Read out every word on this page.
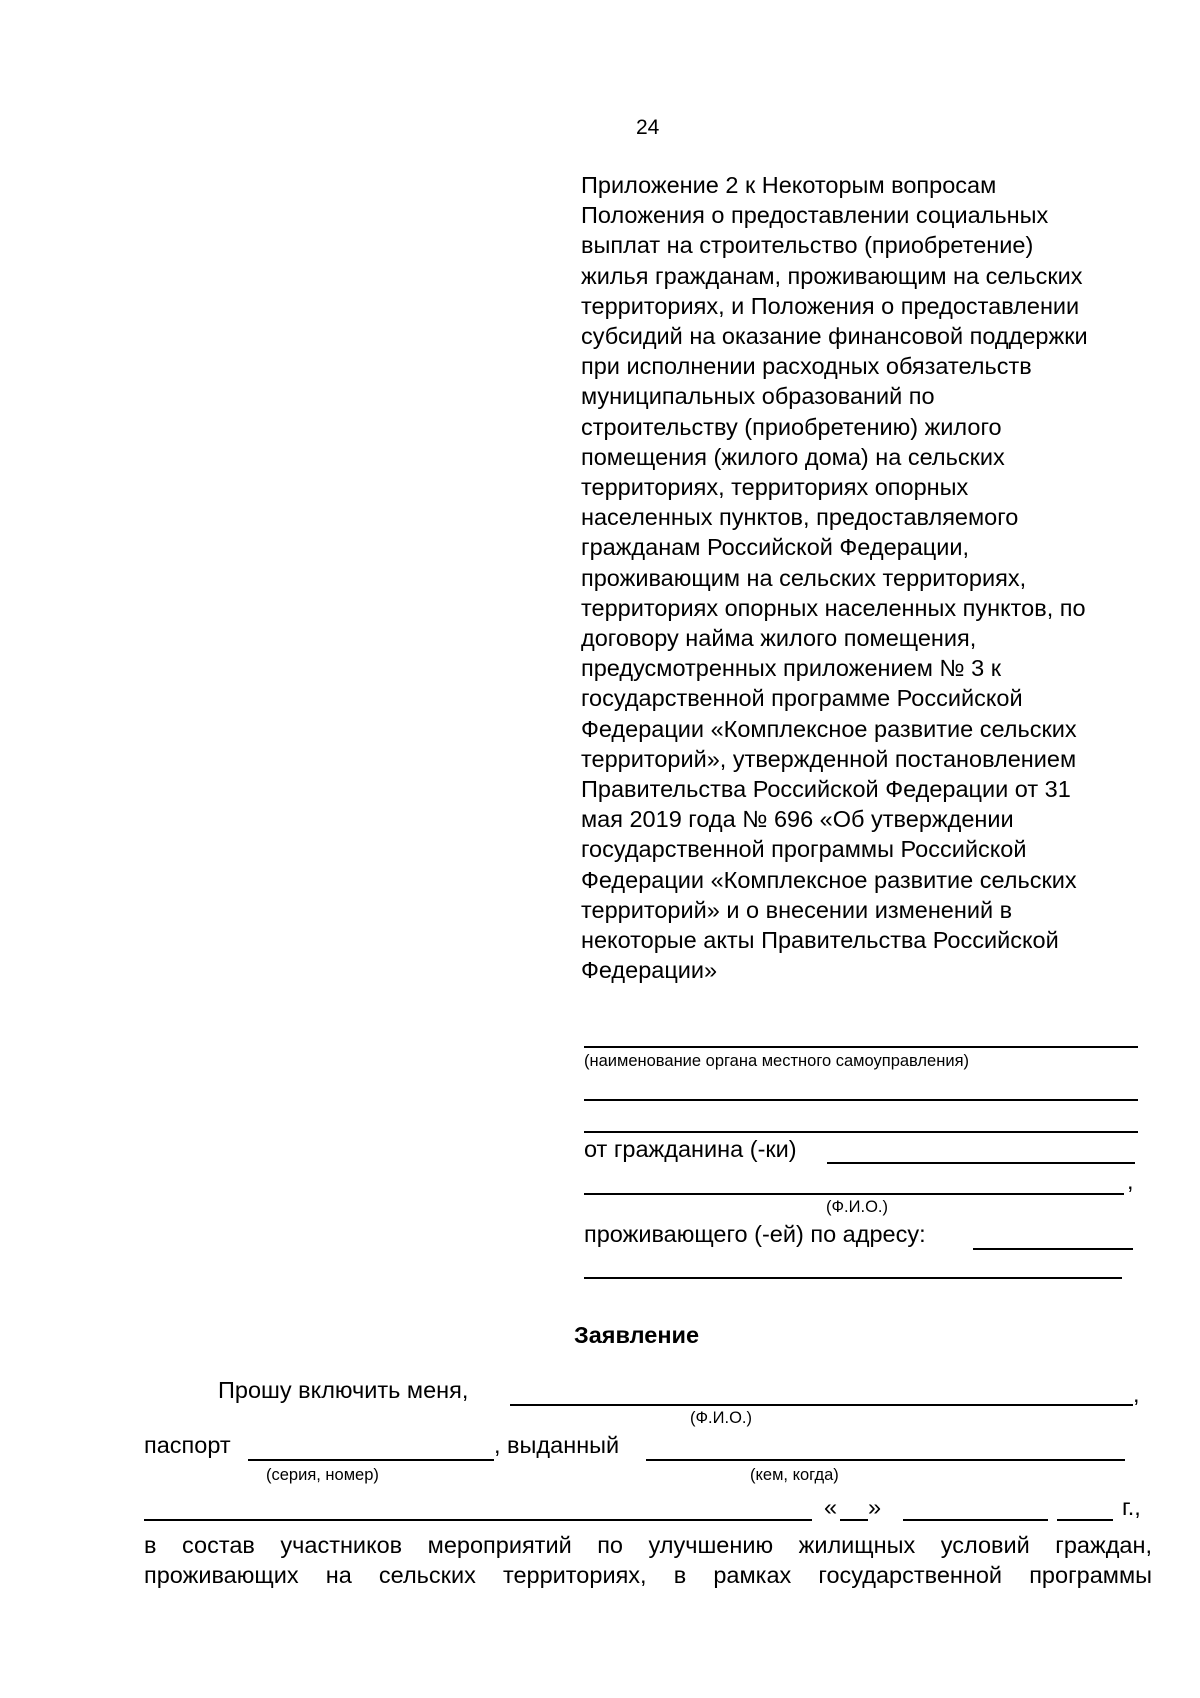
24
Приложение 2 к Некоторым вопросам
Положения о предоставлении социальных
выплат на строительство (приобретение)
жилья гражданам, проживающим на сельских
территориях, и Положения о предоставлении
субсидий на оказание финансовой поддержки
при исполнении расходных обязательств
муниципальных образований по
строительству (приобретению) жилого
помещения (жилого дома) на сельских
территориях, территориях опорных
населенных пунктов, предоставляемого
гражданам Российской Федерации,
проживающим на сельских территориях,
территориях опорных населенных пунктов, по
договору найма жилого помещения,
предусмотренных приложением № 3 к
государственной программе Российской
Федерации «Комплексное развитие сельских
территорий», утвержденной постановлением
Правительства Российской Федерации от 31
мая 2019 года № 696 «Об утверждении
государственной программы Российской
Федерации «Комплексное развитие сельских
территорий» и о внесении изменений в
некоторые акты Правительства Российской
Федерации»
(наименование органа местного самоуправления)
от гражданина (-ки)
,
(Ф.И.О.)
проживающего (-ей) по адресу:
Заявление
Прошу включить меня,	,
(Ф.И.О.)
паспорт	, выданный
(серия, номер)	(кем, когда)
« »	г.,
в состав участников мероприятий по улучшению жилищных условий граждан,
проживающих на сельских территориях, в рамках государственной программы
